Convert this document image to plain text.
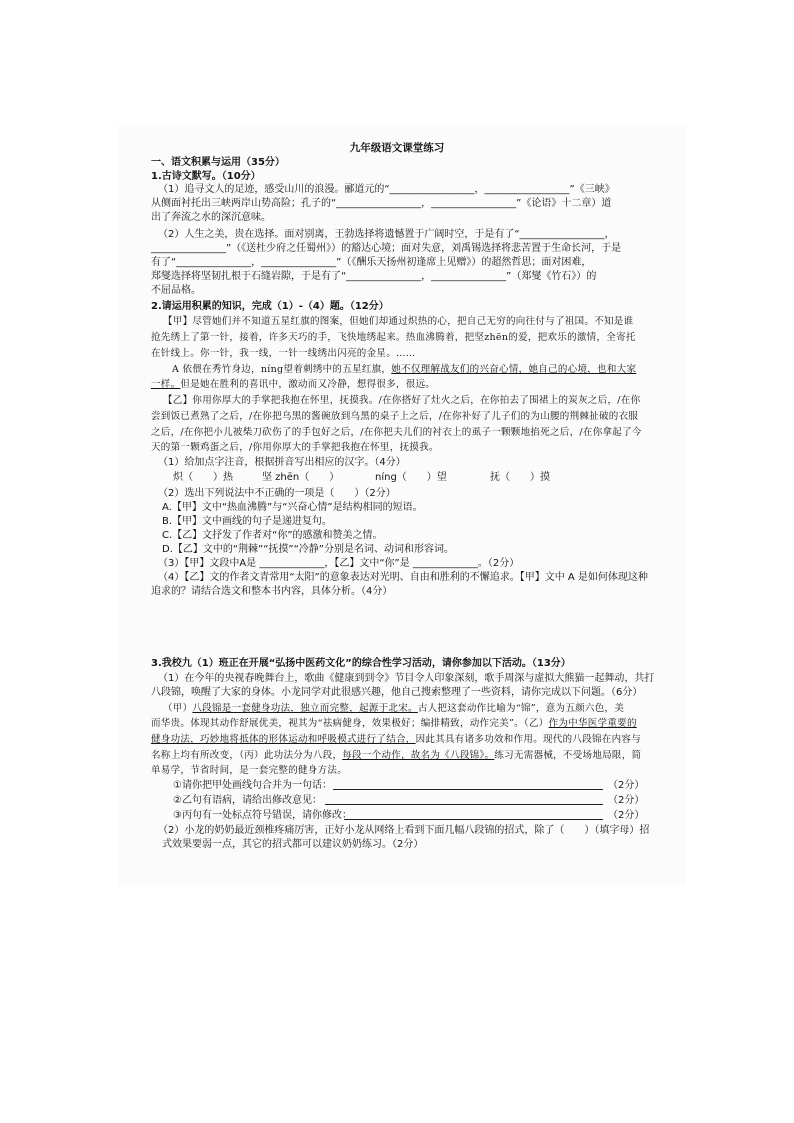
九年级语文课堂练习
一、语文积累与运用（35分）
1.古诗文默写。（10分）
（1）追寻文人的足迹，感受山川的浪漫。郦道元的“_________________，_________________”《三峡》
从侧面衬托出三峡两岸山势高险；孔子的“_________________，_________________”《论语》十二章）道
出了奔流之水的深沉意味。
（2）人生之美，贵在选择。面对别离，王勃选择将遗憾置于广阔时空，于是有了“_________________，
_______________”（《送杜少府之任蜀州》）的豁达心境；面对失意，刘禹锡选择将悲苦置于生命长河，于是
有了“_______________，_______________”（《酬乐天扬州初逢席上见赠》）的超然哲思；面对困难，
郑燮选择将坚韧扎根于石缝岩隙，于是有了“_______________，_______________”（郑燮《竹石》）的
不屈品格。
2.请运用积累的知识，完成（1）-（4）题。（12分）
【甲】尽管她们并不知道五星红旗的图案，但她们却通过炽热的心，把自己无穷的向往付与了祖国。不知是谁
抢先绣上了第一针，接着，许多天巧的手，飞快地绣起来。热血沸腾着，把坚zhēn的爱，把欢乐的激情，全寄托
在针线上。你一针，我一线，一针一线绣出闪亮的金星。……
A 依偎在秀竹身边，níng望着刺绣中的五星红旗，她不仅理解战友们的兴奋心情，她自己的心境，也和大家
一样。但是她在胜利的喜讯中，激动而又冷静，想得很多，很远。
【乙】你用你厚大的手掌把我抱在怀里，抚摸我。/在你搭好了灶火之后，在你拍去了围裙上的炭灰之后，/在你
尝到饭已煮熟了之后，/在你把乌黑的酱碗放到乌黑的桌子上之后，/在你补好了儿子们的为山腰的荆棘扯破的衣服
之后，/在你把小儿被柴刀砍伤了的手包好之后，/在你把夫儿们的衬衣上的虱子一颗颗地掐死之后，/在你拿起了今
天的第一颗鸡蛋之后，/你用你厚大的手掌把我抱在怀里，抚摸我。
（1）给加点字注音，根据拼音写出相应的汉字。（4分）
炽（　　）热	坚 zhēn（　　）	níng（　　）望	抚（　　）摸
（2）选出下列说法中不正确的一项是（　　）（2分）
A.【甲】文中“热血沸腾”与“兴奋心情”是结构相同的短语。
B.【甲】文中画线的句子是递进复句。
C.【乙】文抒发了作者对“你”的感激和赞美之情。
D.【乙】文中的“荆棘”“抚摸”“冷静”分别是名词、动词和形容词。
（3）【甲】文段中A是 _____________，【乙】文中“你”是 _____________。（2分）
（4）【乙】文的作者文青常用“太阳”的意象表达对光明、自由和胜利的不懈追求。【甲】文中 A 是如何体现这种
追求的？请结合选文和整本书内容，具体分析。（4分）
3.我校九（1）班正在开展“弘扬中医药文化”的综合性学习活动，请你参加以下活动。（13分）
（1）在今年的央视春晚舞台上，歌曲《健康到到令》节目令人印象深刻，歌手周深与虚拟大熊猫一起舞动，共打
八段锦，唤醒了大家的身体。小龙同学对此很感兴趣，他自己搜索整理了一些资料，请你完成以下问题。（6分）
（甲）八段锦是一套健身功法，独立而完整，起源于北宋。古人把这套动作比喻为“锦”，意为五颜六色，美
而华贵。体现其动作舒展优美，视其为“祛病健身，效果极好；编排精致，动作完美”。（乙）作为中华医学重要的
健身功法，巧妙地将抵体的形体运动和呼吸模式进行了结合，因此其具有诸多功效和作用。现代的八段锦在内容与
名称上均有所改变，（丙）此功法分为八段，每段一个动作，故名为《八段锦》。练习无需器械，不受场地局限，简
单易学，节省时间，是一套完整的健身方法。
①请你把甲处画线句合并为一句话：	（2分）
②乙句有语病，请给出修改意见：	（2分）
③丙句有一处标点符号错误，请你修改：	（2分）
（2）小龙的奶奶最近颈椎疼痛厉害，正好小龙从网络上看到下面几幅八段锦的招式，除了（　　）（填字母）招
式效果要弱一点，其它的招式都可以建议奶奶练习。（2分）
